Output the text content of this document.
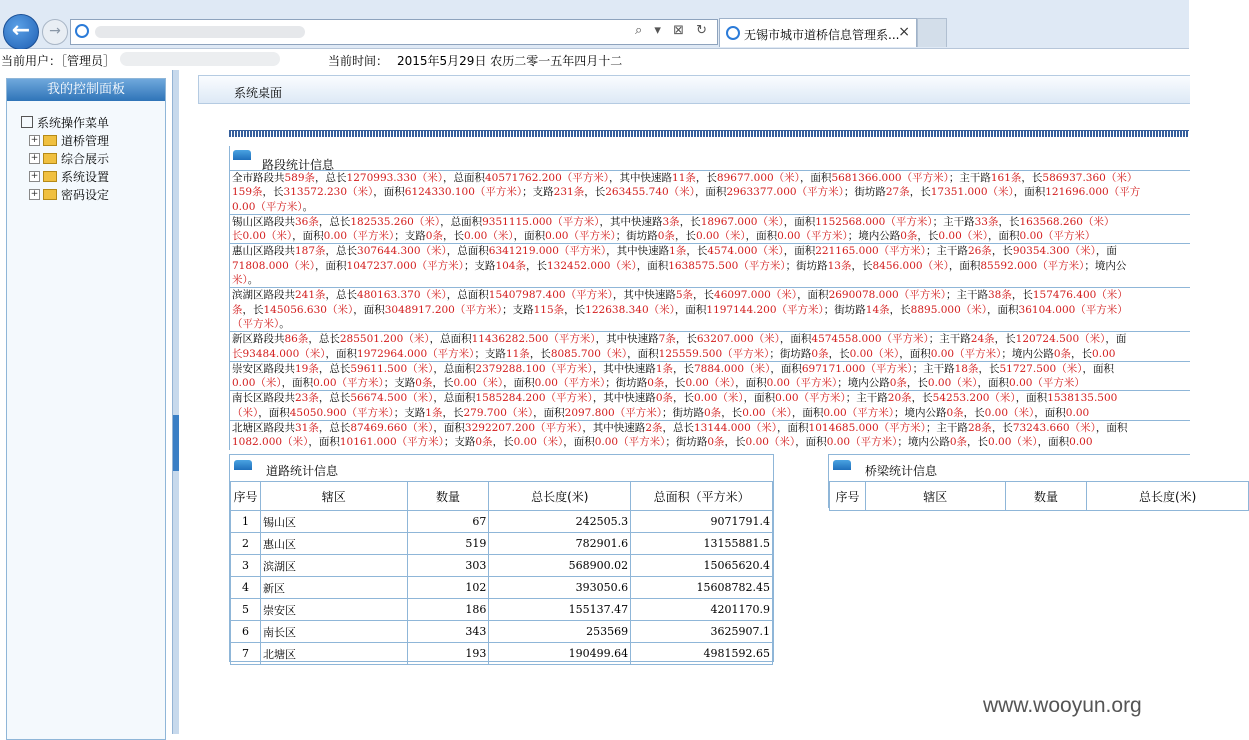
←	→	⌕ ▾ ⊠ ↻	无锡市城市道桥信息管理系...
×
当前用户：［管理员］	当前时间： 2015年5月29日 农历二零一五年四月十二
我的控制面板
系统操作菜单
+ 道桥管理
+ 综合展示
+ 系统设置
+ 密码设定
系统桌面
路段统计信息
全市路段共589条，总长1270993.330（米），总面积40571762.200（平方米），其中快速路11条，长89677.000（米），面积5681366.000（平方米）；主干路161条，长586937.360（米）
159条，长313572.230（米），面积6124330.100（平方米）；支路231条，长263455.740（米），面积2963377.000（平方米）；街坊路27条，长17351.000（米），面积121696.000（平方
0.00（平方米）。
锡山区路段共36条，总长182535.260（米），总面积9351115.000（平方米），其中快速路3条，长18967.000（米），面积1152568.000（平方米）；主干路33条，长163568.260（米）
长0.00（米），面积0.00（平方米）；支路0条，长0.00（米），面积0.00（平方米）；街坊路0条，长0.00（米），面积0.00（平方米）；境内公路0条，长0.00（米），面积0.00（平方米）
惠山区路段共187条，总长307644.300（米），总面积6341219.000（平方米），其中快速路1条，长4574.000（米），面积221165.000（平方米）；主干路26条，长90354.300（米），面
71808.000（米），面积1047237.000（平方米）；支路104条，长132452.000（米），面积1638575.500（平方米）；街坊路13条，长8456.000（米），面积85592.000（平方米）；境内公
米）。
滨湖区路段共241条，总长480163.370（米），总面积15407987.400（平方米），其中快速路5条，长46097.000（米），面积2690078.000（平方米）；主干路38条，长157476.400（米）
条，长145056.630（米），面积3048917.200（平方米）；支路115条，长122638.340（米），面积1197144.200（平方米）；街坊路14条，长8895.000（米），面积36104.000（平方米）
（平方米）。
新区路段共86条，总长285501.200（米），总面积11436282.500（平方米），其中快速路7条，长63207.000（米），面积4574558.000（平方米）；主干路24条，长120724.500（米），面
长93484.000（米），面积1972964.000（平方米）；支路11条，长8085.700（米），面积125559.500（平方米）；街坊路0条，长0.00（米），面积0.00（平方米）；境内公路0条，长0.00
崇安区路段共19条，总长59611.500（米），总面积2379288.100（平方米），其中快速路1条，长7884.000（米），面积697171.000（平方米）；主干路18条，长51727.500（米），面积
0.00（米），面积0.00（平方米）；支路0条，长0.00（米），面积0.00（平方米）；街坊路0条，长0.00（米），面积0.00（平方米）；境内公路0条，长0.00（米），面积0.00（平方米）
南长区路段共23条，总长56674.500（米），总面积1585284.200（平方米），其中快速路0条，长0.00（米），面积0.00（平方米）；主干路20条，长54253.200（米），面积1538135.500
（米），面积45050.900（平方米）；支路1条，长279.700（米），面积2097.800（平方米）；街坊路0条，长0.00（米），面积0.00（平方米）；境内公路0条，长0.00（米），面积0.00
北塘区路段共31条，总长87469.660（米），面积3292207.200（平方米），其中快速路2条，总长13144.000（米），面积1014685.000（平方米）；主干路28条，长73243.660（米），面积
1082.000（米），面积10161.000（平方米）；支路0条，长0.00（米），面积0.00（平方米）；街坊路0条，长0.00（米），面积0.00（平方米）；境内公路0条，长0.00（米），面积0.00
道路统计信息
序号	辖区	数量	总长度(米)	总面积（平方米）
1	锡山区	67	242505.3	9071791.4
2	惠山区	519	782901.6	13155881.5
3	滨湖区	303	568900.02	15065620.4
4	新区	102	393050.6	15608782.45
5	崇安区	186	155137.47	4201170.9
6	南长区	343	253569	3625907.1
7	北塘区	193	190499.64	4981592.65
桥梁统计信息
序号	辖区	数量	总长度(米)
www.wooyun.org
